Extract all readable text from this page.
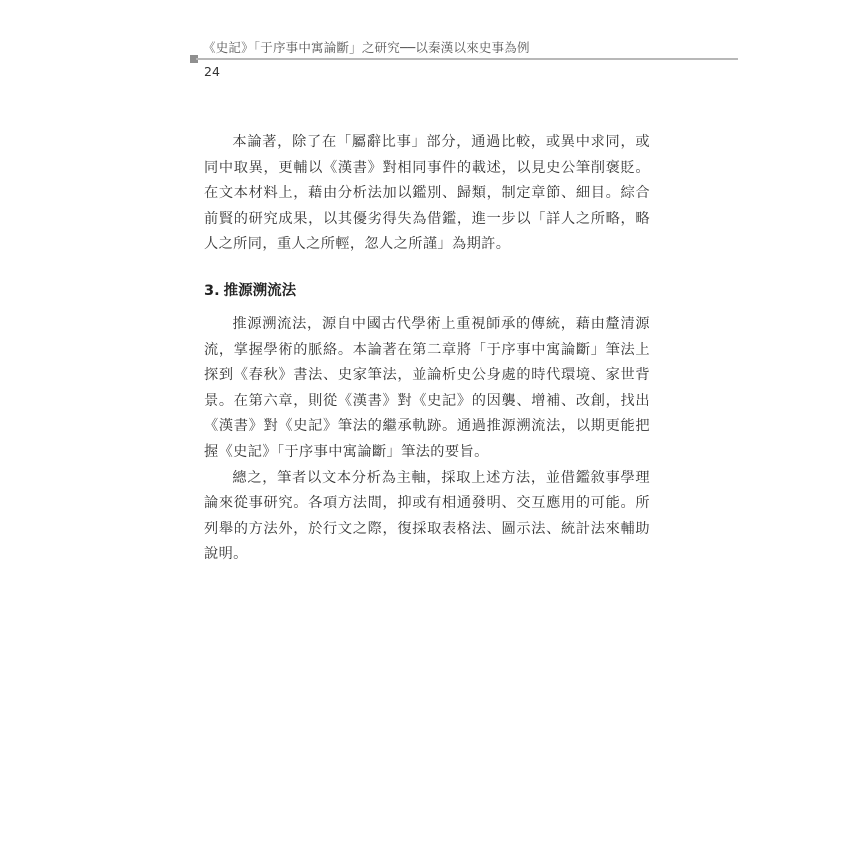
《史記》「于序事中寓論斷」之研究──以秦漢以來史事為例
24

本論著，除了在「屬辭比事」部分，通過比較，或異中求同，或同中取異，更輔以《漢書》對相同事件的載述，以見史公筆削褒貶。在文本材料上，藉由分析法加以鑑別、歸類，制定章節、細目。綜合前賢的研究成果，以其優劣得失為借鑑，進一步以「詳人之所略，略人之所同，重人之所輕，忽人之所謹」為期許。

3. 推源溯流法

推源溯流法，源自中國古代學術上重視師承的傳統，藉由釐清源流，掌握學術的脈絡。本論著在第二章將「于序事中寓論斷」筆法上探到《春秋》書法、史家筆法，並論析史公身處的時代環境、家世背景。在第六章，則從《漢書》對《史記》的因襲、增補、改創，找出《漢書》對《史記》筆法的繼承軌跡。通過推源溯流法，以期更能把握《史記》「于序事中寓論斷」筆法的要旨。

總之，筆者以文本分析為主軸，採取上述方法，並借鑑敘事學理論來從事研究。各項方法間，抑或有相通發明、交互應用的可能。所列舉的方法外，於行文之際，復採取表格法、圖示法、統計法來輔助說明。
